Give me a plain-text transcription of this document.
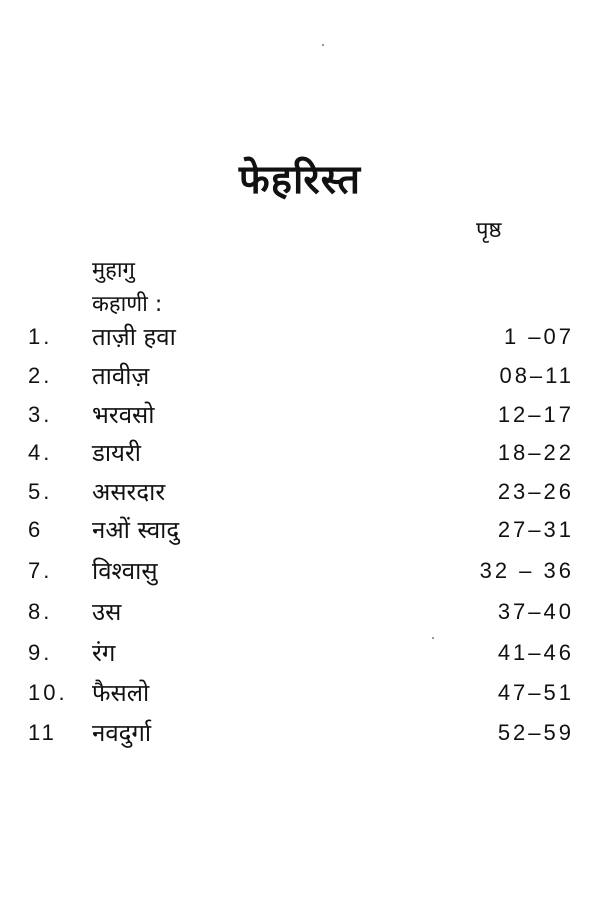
फेहरिस्त
पृष्ठ
मुहागु
कहाणी :
1. ताज़ी हवा	1 –07
2. तावीज़	08–11
3. भरवसो	12–17
4. डायरी	18–22
5. असरदार	23–26
6 नओं स्वादु	27–31
7. विश्वासु	32 – 36
8. उस	37–40
9. रंग	41–46
10. फैसलो	47–51
11 नवदुर्गा	52–59
